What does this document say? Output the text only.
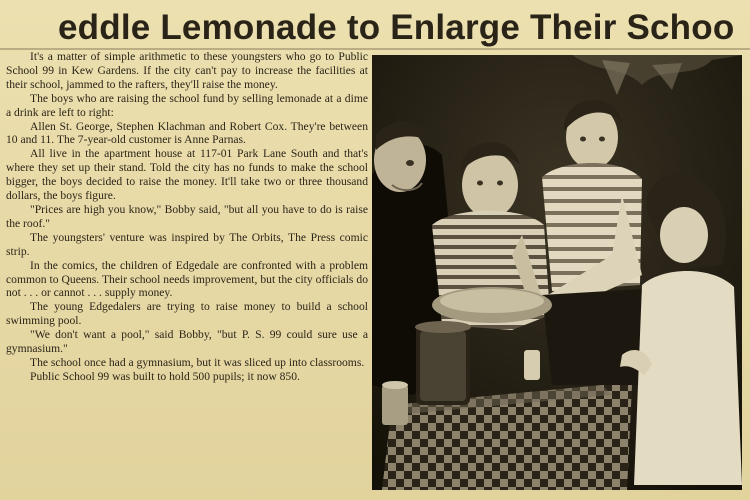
eddle Lemonade to Enlarge Their Schoo

It's a matter of simple arithmetic to these youngsters who go to Public School 99 in Kew Gardens. If the city can't pay to increase the facilities at their school, jammed to the rafters, they'll raise the money.

The boys who are raising the school fund by selling lemonade at a dime a drink are left to right:

Allen St. George, Stephen Klachman and Robert Cox. They're between 10 and 11. The 7-year-old customer is Anne Parnas.

All live in the apartment house at 117-01 Park Lane South and that's where they set up their stand. Told the city has no funds to make the school bigger, the boys decided to raise the money. It'll take two or three thousand dollars, the boys figure.

"Prices are high you know," Bobby said, "but all you have to do is raise the roof."

The youngsters' venture was inspired by The Orbits, The Press comic strip.

In the comics, the children of Edgedale are confronted with a problem common to Queens. Their school needs improvement, but the city officials do not . . . or cannot . . . supply money.

The young Edgedalers are trying to raise money to build a school swimming pool.

"We don't want a pool," said Bobby, "but P. S. 99 could sure use a gymnasium."

The school once had a gymnasium, but it was sliced up into classrooms.

Public School 99 was built to hold 500 pupils; it now 850.
